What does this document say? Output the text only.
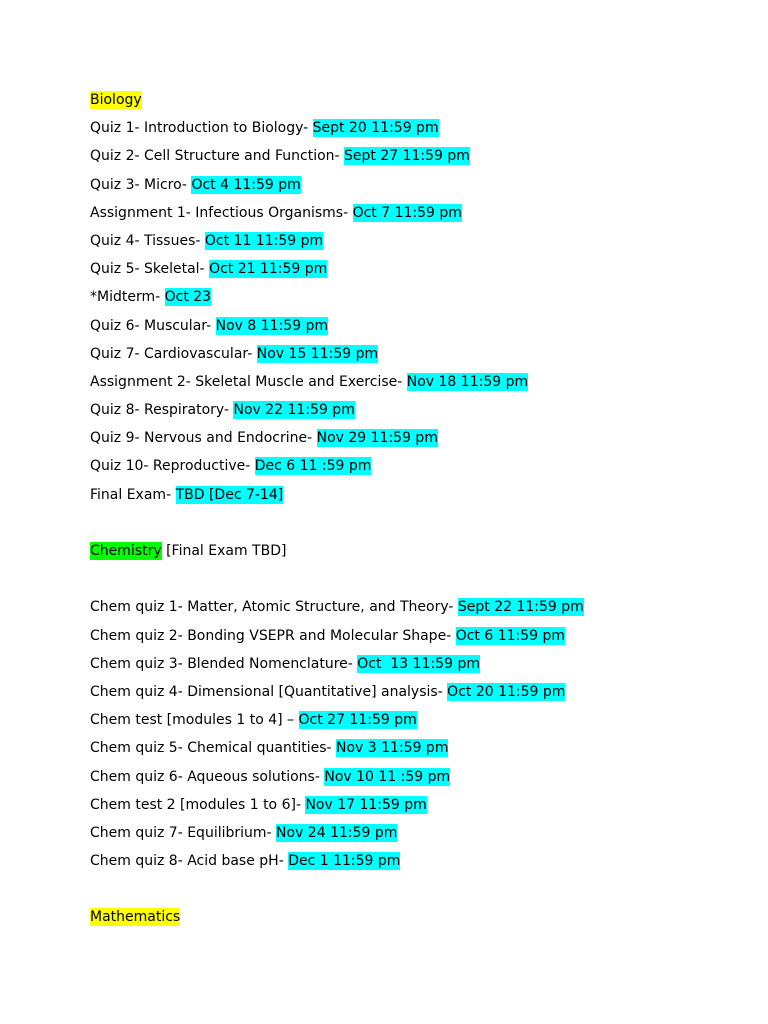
Biology
Quiz 1- Introduction to Biology- Sept 20 11:59 pm
Quiz 2- Cell Structure and Function- Sept 27 11:59 pm
Quiz 3- Micro- Oct 4 11:59 pm
Assignment 1- Infectious Organisms- Oct 7 11:59 pm
Quiz 4- Tissues- Oct 11 11:59 pm
Quiz 5- Skeletal- Oct 21 11:59 pm
*Midterm- Oct 23
Quiz 6- Muscular- Nov 8 11:59 pm
Quiz 7- Cardiovascular- Nov 15 11:59 pm
Assignment 2- Skeletal Muscle and Exercise- Nov 18 11:59 pm
Quiz 8- Respiratory- Nov 22 11:59 pm
Quiz 9- Nervous and Endocrine- Nov 29 11:59 pm
Quiz 10- Reproductive- Dec 6 11 :59 pm
Final Exam- TBD [Dec 7-14]
Chemistry [Final Exam TBD]
Chem quiz 1- Matter, Atomic Structure, and Theory- Sept 22 11:59 pm
Chem quiz 2- Bonding VSEPR and Molecular Shape- Oct 6 11:59 pm
Chem quiz 3- Blended Nomenclature- Oct  13 11:59 pm
Chem quiz 4- Dimensional [Quantitative] analysis- Oct 20 11:59 pm
Chem test [modules 1 to 4] – Oct 27 11:59 pm
Chem quiz 5- Chemical quantities- Nov 3 11:59 pm
Chem quiz 6- Aqueous solutions- Nov 10 11 :59 pm
Chem test 2 [modules 1 to 6]- Nov 17 11:59 pm
Chem quiz 7- Equilibrium- Nov 24 11:59 pm
Chem quiz 8- Acid base pH- Dec 1 11:59 pm
Mathematics
